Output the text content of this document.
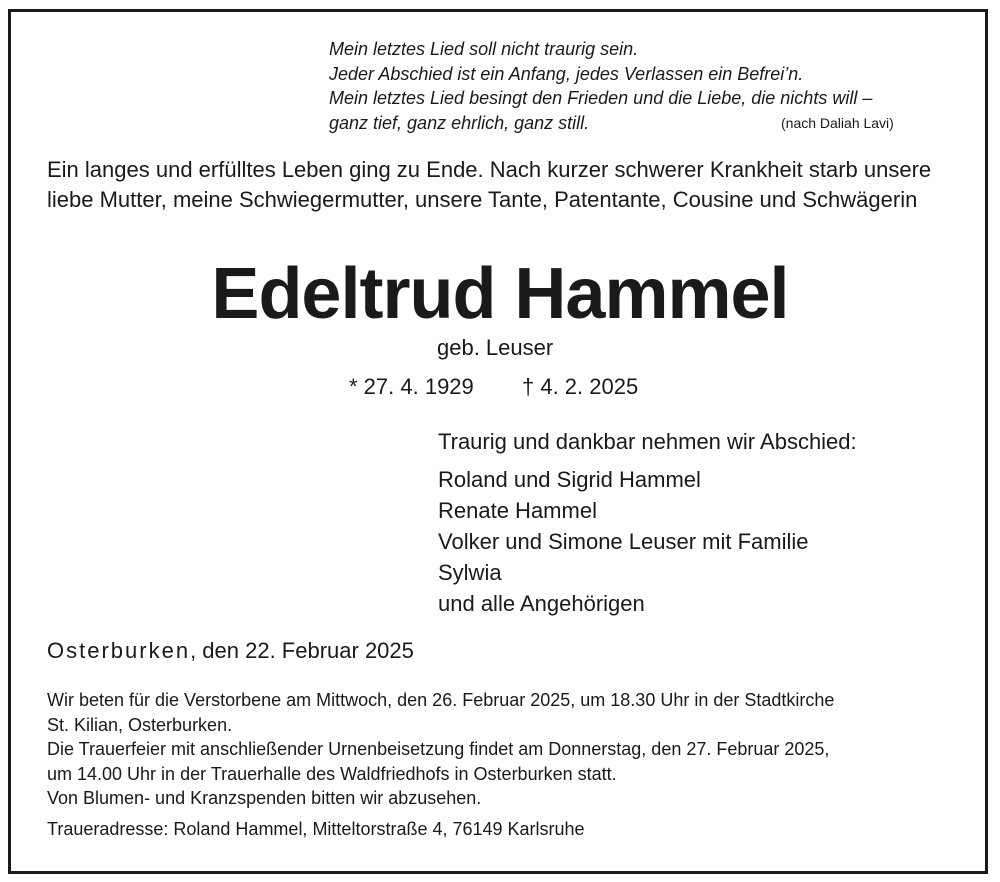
Mein letztes Lied soll nicht traurig sein.
Jeder Abschied ist ein Anfang, jedes Verlassen ein Befrei’n.
Mein letztes Lied besingt den Frieden und die Liebe, die nichts will –
ganz tief, ganz ehrlich, ganz still.	(nach Daliah Lavi)
Ein langes und erfülltes Leben ging zu Ende. Nach kurzer schwerer Krankheit starb unsere liebe Mutter, meine Schwiegermutter, unsere Tante, Patentante, Cousine und Schwägerin
Edeltrud Hammel
geb. Leuser
* 27. 4. 1929 † 4. 2. 2025
Traurig und dankbar nehmen wir Abschied:
Roland und Sigrid Hammel
Renate Hammel
Volker und Simone Leuser mit Familie
Sylwia
und alle Angehörigen
Osterburken, den 22. Februar 2025
Wir beten für die Verstorbene am Mittwoch, den 26. Februar 2025, um 18.30 Uhr in der Stadtkirche
St. Kilian, Osterburken.
Die Trauerfeier mit anschließender Urnenbeisetzung findet am Donnerstag, den 27. Februar 2025,
um 14.00 Uhr in der Trauerhalle des Waldfriedhofs in Osterburken statt.
Von Blumen- und Kranzspenden bitten wir abzusehen.
Traueradresse: Roland Hammel, Mitteltorstraße 4, 76149 Karlsruhe
